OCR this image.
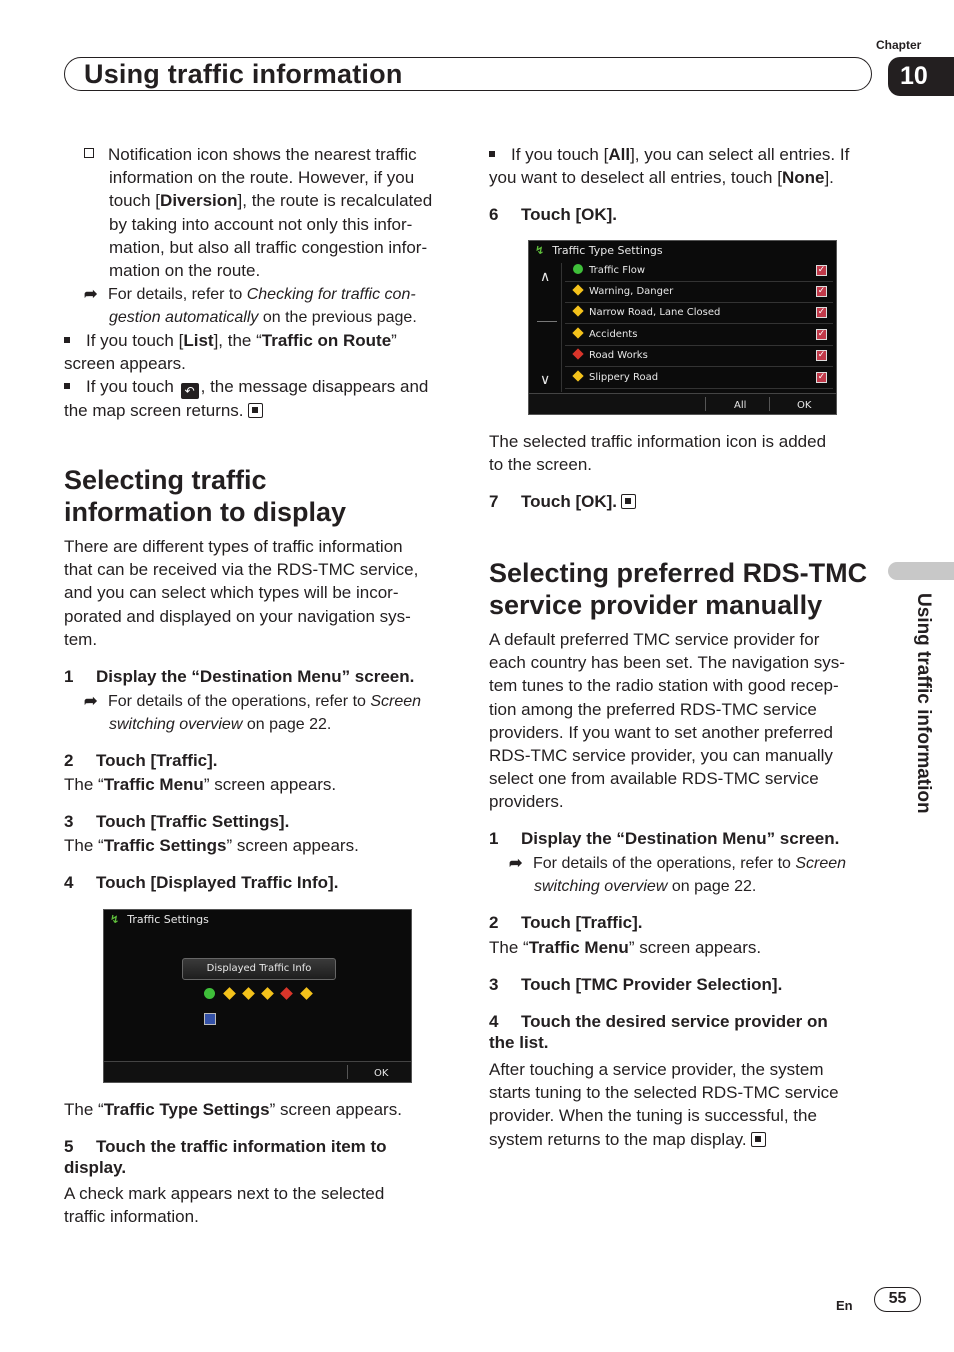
Chapter
Using traffic information	10
Using traffic information
Notification icon shows the nearest traffic
information on the route. However, if you
touch [Diversion], the route is recalculated
by taking into account not only this infor-
mation, but also all traffic congestion infor-
mation on the route.
➦ For details, refer to Checking for traffic con-
gestion automatically on the previous page.
If you touch [List], the “Traffic on Route”
screen appears.
If you touch ↶ , the message disappears and
the map screen returns.
Selecting traffic
information to display
There are different types of traffic information
that can be received via the RDS-TMC service,
and you can select which types will be incor-
porated and displayed on your navigation sys-
tem.
1 Display the “Destination Menu” screen.
➦ For details of the operations, refer to Screen
switching overview on page 22.
2 Touch [Traffic].
The “Traffic Menu” screen appears.
3 Touch [Traffic Settings].
The “Traffic Settings” screen appears.
4 Touch [Displayed Traffic Info].
↯ Traffic Settings
Displayed Traffic Info
OK
The “Traffic Type Settings” screen appears.
5 Touch the traffic information item to
display.
A check mark appears next to the selected
traffic information.
If you touch [All], you can select all entries. If
you want to deselect all entries, touch [None].
6 Touch [OK].
↯ Traffic Type Settings
∧
∨
Traffic Flow	✓
Warning, Danger	✓
Narrow Road, Lane Closed	✓
Accidents	✓
Road Works	✓
Slippery Road	✓
All	OK
The selected traffic information icon is added
to the screen.
7 Touch [OK].
Selecting preferred RDS-TMC
service provider manually
A default preferred TMC service provider for
each country has been set. The navigation sys-
tem tunes to the radio station with good recep-
tion among the preferred RDS-TMC service
providers. If you want to set another preferred
RDS-TMC service provider, you can manually
select one from available RDS-TMC service
providers.
1 Display the “Destination Menu” screen.
➦ For details of the operations, refer to Screen
switching overview on page 22.
2 Touch [Traffic].
The “Traffic Menu” screen appears.
3 Touch [TMC Provider Selection].
4 Touch the desired service provider on
the list.
After touching a service provider, the system
starts tuning to the selected RDS-TMC service
provider. When the tuning is successful, the
system returns to the map display.
En	55
